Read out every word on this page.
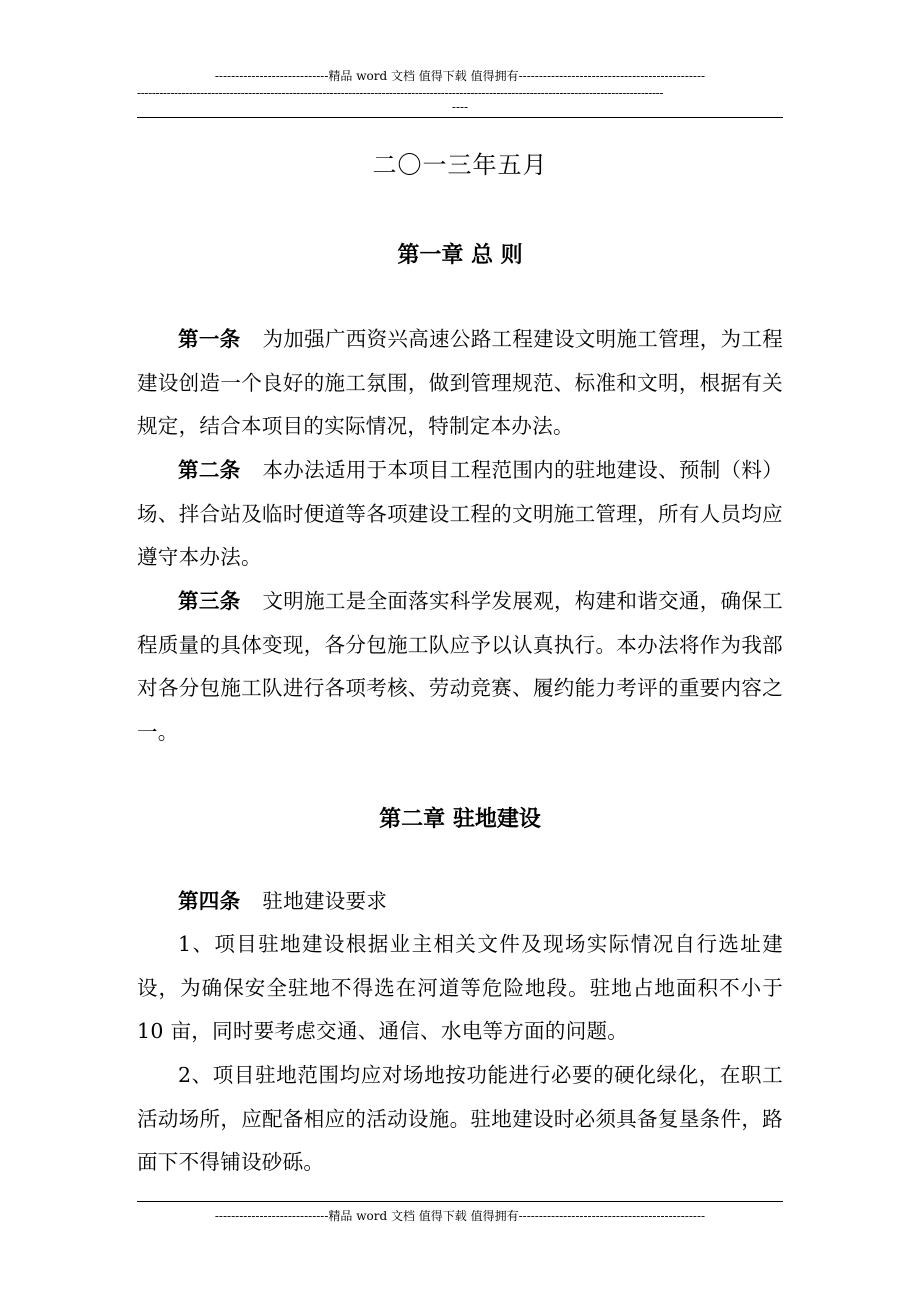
----------------------------精品 word 文档 值得下载 值得拥有----------------------------------------------
----------------------------------------------------------------------------------------------------------------------------------------------
----
二〇一三年五月
第一章 总 则
第一条 为加强广西资兴高速公路工程建设文明施工管理，为工程建设创造一个良好的施工氛围，做到管理规范、标准和文明，根据有关规定，结合本项目的实际情况，特制定本办法。
第二条 本办法适用于本项目工程范围内的驻地建设、预制（料）场、拌合站及临时便道等各项建设工程的文明施工管理，所有人员均应遵守本办法。
第三条 文明施工是全面落实科学发展观，构建和谐交通，确保工程质量的具体变现，各分包施工队应予以认真执行。本办法将作为我部对各分包施工队进行各项考核、劳动竞赛、履约能力考评的重要内容之一。
第二章 驻地建设
第四条 驻地建设要求
1、项目驻地建设根据业主相关文件及现场实际情况自行选址建设，为确保安全驻地不得选在河道等危险地段。驻地占地面积不小于 10 亩，同时要考虑交通、通信、水电等方面的问题。
2、项目驻地范围均应对场地按功能进行必要的硬化绿化，在职工活动场所，应配备相应的活动设施。驻地建设时必须具备复垦条件，路面下不得铺设砂砾。
----------------------------精品 word 文档 值得下载 值得拥有----------------------------------------------
